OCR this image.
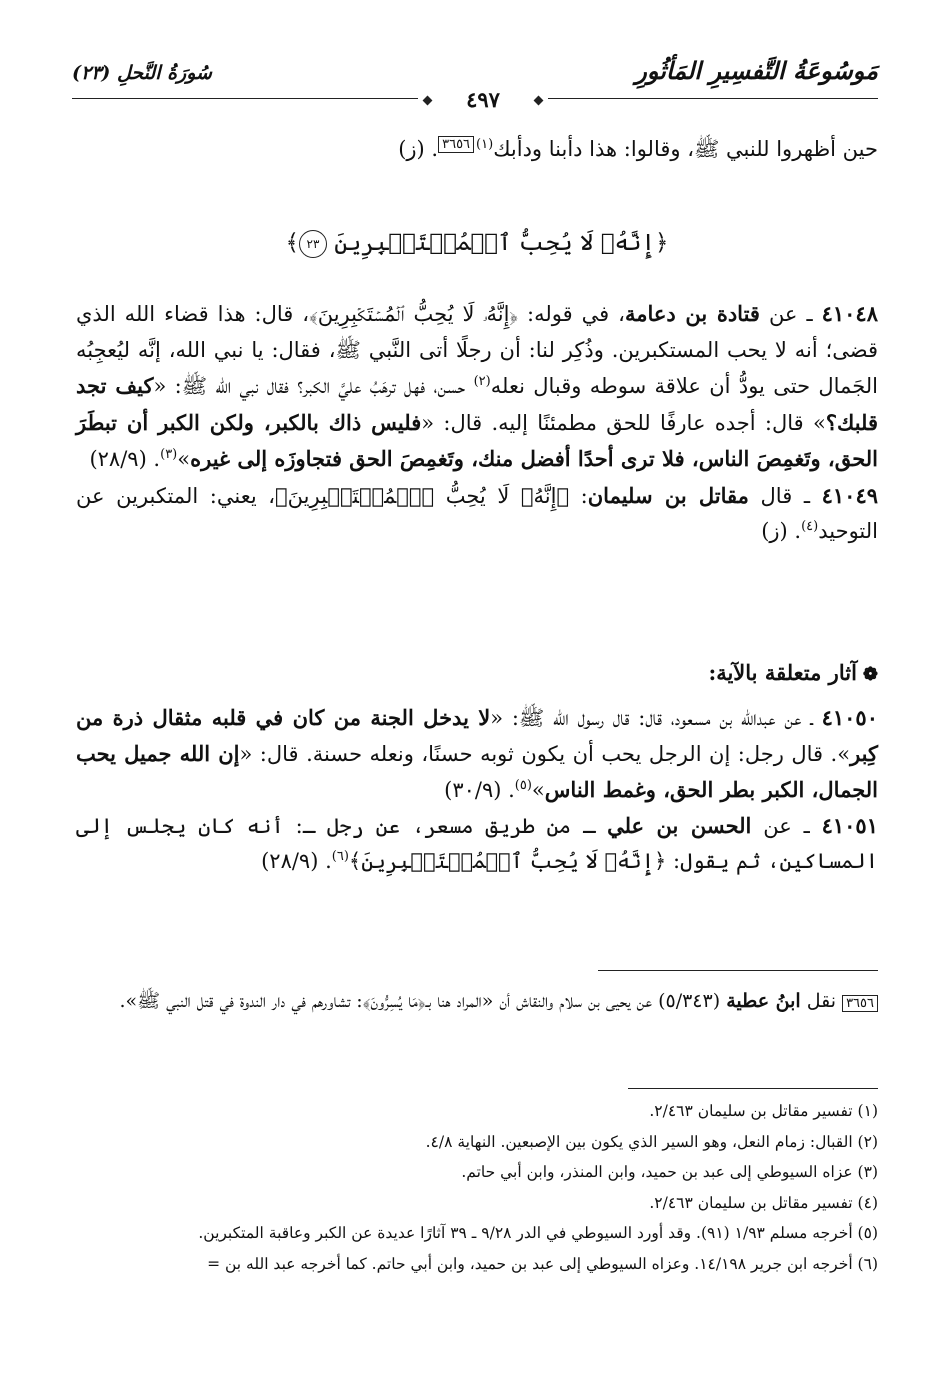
مَوسُوعَةُ التَّفسِيرِ المَأثُورِ
سُورَةُ النَّحلِ (٢٣)
٤٩٧

حين أظهروا للنبي ﷺ، وقالوا: هذا دأبنا ودأبك$^{(١)}$٣٦٥٦. (ز)

﴿إِنَّهُۥ لَا يُحِبُّ ٱلۡمُسۡتَكۡبِرِينَ ٢٣﴾

٤١٠٤٨ ـ عن قتادة بن دعامة، في قوله: ﴿إِنَّهُۥ لَا يُحِبُّ ٱلۡمُسۡتَكۡبِرِينَ﴾، قال: هذا قضاء الله الذي قضى؛ أنه لا يحب المستكبرين. وذُكِر لنا: أن رجلًا أتى النَّبي ﷺ، فقال: يا نبي الله، إنَّه ليُعجِبُه الجَمال حتى يودُّ أن علاقة سوطه وقبال نعله$^{(٢)}$ حسن، فهل ترهَبُ عليَّ الكبر؟ فقال نبي الله ﷺ: «كيف تجد قلبك؟» قال: أجده عارفًا للحق مطمئنًا إليه. قال: «فليس ذاك بالكبر، ولكن الكبر أن تبطَرَ الحق، وتَغمِصَ الناس، فلا ترى أحدًا أفضل منك، وتَغمِصَ الحق فتجاوزَه إلى غيره»$^{(٣)}$. (٢٨/٩)

٤١٠٤٩ ـ قال مقاتل بن سليمان: ﴿إِنَّهُۥ لَا يُحِبُّ ٱلۡمُسۡتَكۡبِرِينَ﴾، يعني: المتكبرين عن التوحيد$^{(٤)}$. (ز)

❁آثار متعلقة بالآية:

٤١٠٥٠ ـ عن عبدالله بن مسعود، قال: قال رسول الله ﷺ: «لا يدخل الجنة من كان في قلبه مثقال ذرة من كِبر». قال رجل: إن الرجل يحب أن يكون ثوبه حسنًا، ونعله حسنة. قال: «إن الله جميل يحب الجمال، الكبر بطر الحق، وغمط الناس»$^{(٥)}$. (٣٠/٩)

٤١٠٥١ ـ عن الحسن بن علي ـ من طريق مسعر، عن رجل ـ: أنه كان يجلس إلى المساكين، ثم يقول: ﴿إِنَّهُۥ لَا يُحِبُّ ٱلۡمُسۡتَكۡبِرِينَ﴾$^{(٦)}$. (٢٨/٩)

٣٦٥٦ نقل ابنُ عطية (٥/٣٤٣) عن يحيى بن سلام والنقاش أن «المراد هنا بـ﴿مَا يُسِرُّونَ﴾: تشاورهم في دار الندوة في قتل النبي ﷺ».

(١) تفسير مقاتل بن سليمان ٢/٤٦٣.

(٢) القبال: زمام النعل، وهو السير الذي يكون بين الإصبعين. النهاية ٤/٨.

(٣) عزاه السيوطي إلى عبد بن حميد، وابن المنذر، وابن أبي حاتم.

(٤) تفسير مقاتل بن سليمان ٢/٤٦٣.

(٥) أخرجه مسلم ١/٩٣ (٩١). وقد أورد السيوطي في الدر ٩/٢٨ ـ ٣٩ آثارًا عديدة عن الكبر وعاقبة المتكبرين.

(٦) أخرجه ابن جرير ١٤/١٩٨. وعزاه السيوطي إلى عبد بن حميد، وابن أبي حاتم. كما أخرجه عبد الله بن =
